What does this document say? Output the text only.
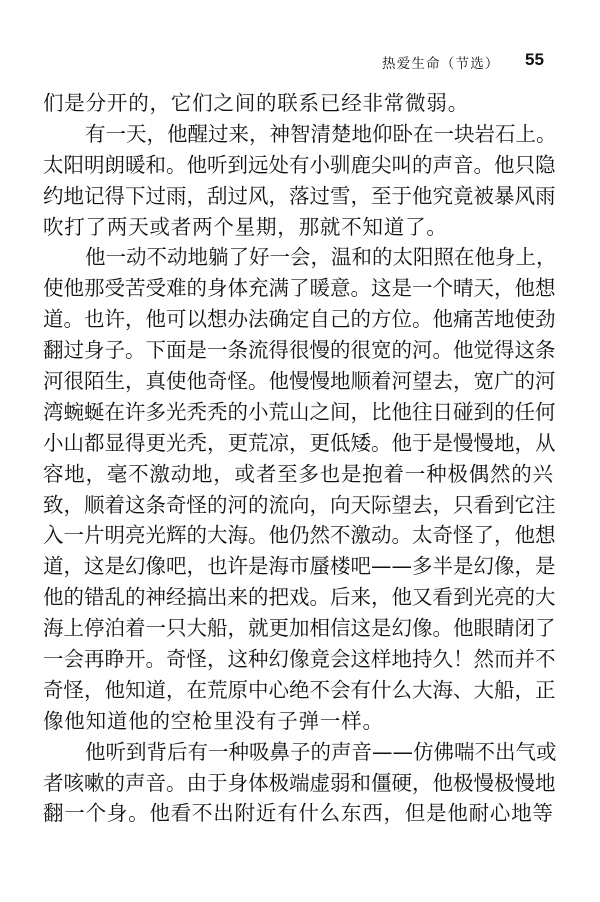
热爱生命（节选） 55
们是分开的，它们之间的联系已经非常微弱。
有一天，他醒过来，神智清楚地仰卧在一块岩石上。
太阳明朗暖和。他听到远处有小驯鹿尖叫的声音。他只隐
约地记得下过雨，刮过风，落过雪，至于他究竟被暴风雨
吹打了两天或者两个星期，那就不知道了。
他一动不动地躺了好一会，温和的太阳照在他身上，
使他那受苦受难的身体充满了暖意。这是一个晴天，他想
道。也许，他可以想办法确定自己的方位。他痛苦地使劲
翻过身子。下面是一条流得很慢的很宽的河。他觉得这条
河很陌生，真使他奇怪。他慢慢地顺着河望去，宽广的河
湾蜿蜒在许多光秃秃的小荒山之间，比他往日碰到的任何
小山都显得更光秃，更荒凉，更低矮。他于是慢慢地，从
容地，毫不激动地，或者至多也是抱着一种极偶然的兴
致，顺着这条奇怪的河的流向，向天际望去，只看到它注
入一片明亮光辉的大海。他仍然不激动。太奇怪了，他想
道，这是幻像吧，也许是海市蜃楼吧——多半是幻像，是
他的错乱的神经搞出来的把戏。后来，他又看到光亮的大
海上停泊着一只大船，就更加相信这是幻像。他眼睛闭了
一会再睁开。奇怪，这种幻像竟会这样地持久！然而并不
奇怪，他知道，在荒原中心绝不会有什么大海、大船，正
像他知道他的空枪里没有子弹一样。
他听到背后有一种吸鼻子的声音——仿佛喘不出气或
者咳嗽的声音。由于身体极端虚弱和僵硬，他极慢极慢地
翻一个身。他看不出附近有什么东西，但是他耐心地等
